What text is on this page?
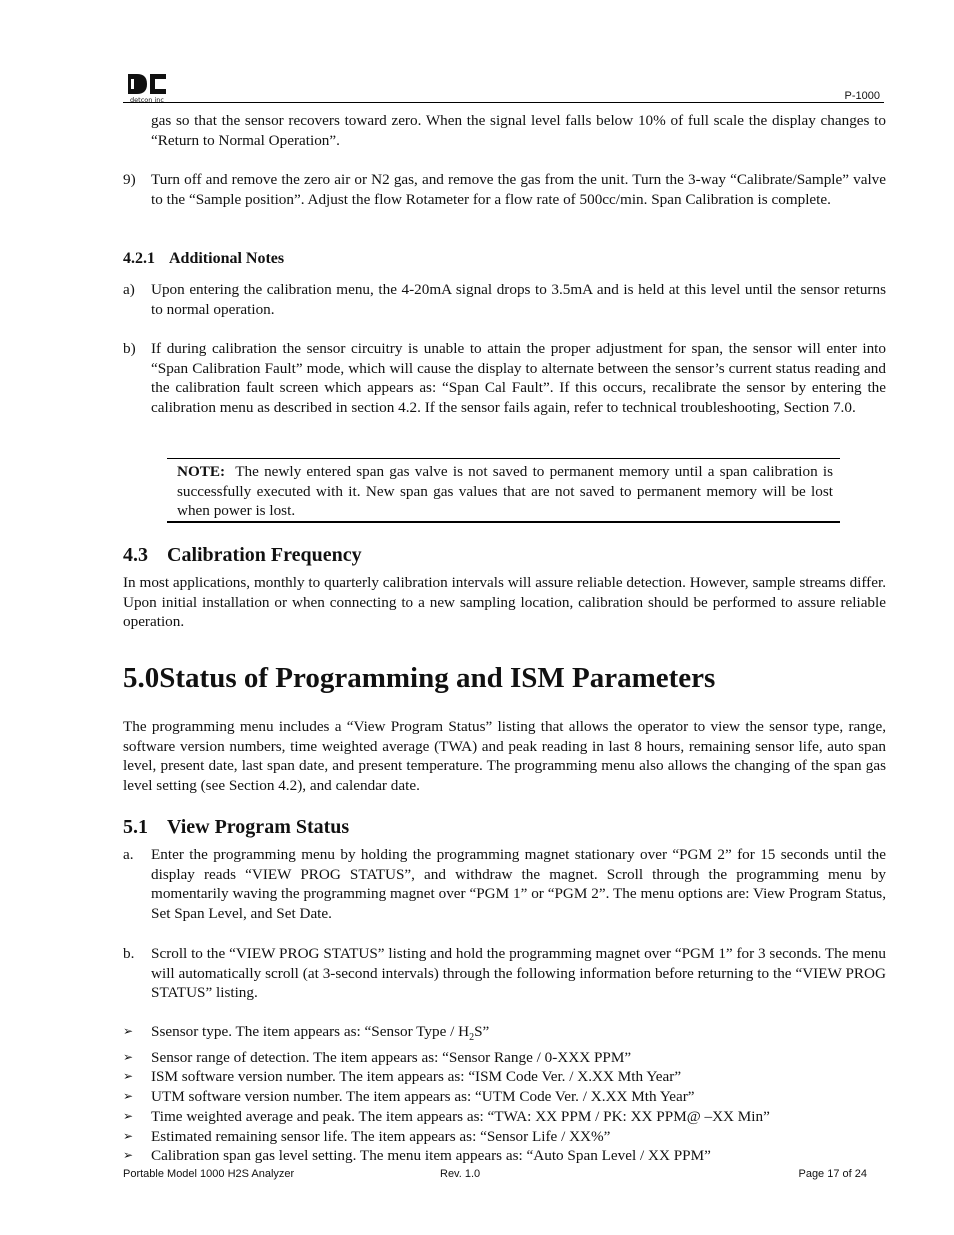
detcon inc	P-1000
gas so that the sensor recovers toward zero. When the signal level falls below 10% of full scale the display changes to “Return to Normal Operation”.
9) Turn off and remove the zero air or N2 gas, and remove the gas from the unit. Turn the 3-way “Calibrate/Sample” valve to the “Sample position”. Adjust the flow Rotameter for a flow rate of 500cc/min. Span Calibration is complete.
4.2.1 Additional Notes
a) Upon entering the calibration menu, the 4-20mA signal drops to 3.5mA and is held at this level until the sensor returns to normal operation.
b) If during calibration the sensor circuitry is unable to attain the proper adjustment for span, the sensor will enter into “Span Calibration Fault” mode, which will cause the display to alternate between the sensor’s current status reading and the calibration fault screen which appears as: “Span Cal Fault”. If this occurs, recalibrate the sensor by entering the calibration menu as described in section 4.2. If the sensor fails again, refer to technical troubleshooting, Section 7.0.
NOTE: The newly entered span gas valve is not saved to permanent memory until a span calibration is successfully executed with it. New span gas values that are not saved to permanent memory will be lost when power is lost.
4.3 Calibration Frequency
In most applications, monthly to quarterly calibration intervals will assure reliable detection. However, sample streams differ. Upon initial installation or when connecting to a new sampling location, calibration should be performed to assure reliable operation.
5.0Status of Programming and ISM Parameters
The programming menu includes a “View Program Status” listing that allows the operator to view the sensor type, range, software version numbers, time weighted average (TWA) and peak reading in last 8 hours, remaining sensor life, auto span level, present date, last span date, and present temperature. The programming menu also allows the changing of the span gas level setting (see Section 4.2), and calendar date.
5.1 View Program Status
a. Enter the programming menu by holding the programming magnet stationary over “PGM 2” for 15 seconds until the display reads “VIEW PROG STATUS”, and withdraw the magnet. Scroll through the programming menu by momentarily waving the programming magnet over “PGM 1” or “PGM 2”. The menu options are: View Program Status, Set Span Level, and Set Date.
b. Scroll to the “VIEW PROG STATUS” listing and hold the programming magnet over “PGM 1” for 3 seconds. The menu will automatically scroll (at 3-second intervals) through the following information before returning to the “VIEW PROG STATUS” listing.
➢	Ssensor type. The item appears as: “Sensor Type / $H_2S$”
➢	Sensor range of detection. The item appears as: “Sensor Range / 0-XXX PPM”
➢	ISM software version number. The item appears as: “ISM Code Ver. / X.XX Mth Year”
➢	UTM software version number. The item appears as: “UTM Code Ver. / X.XX Mth Year”
➢	Time weighted average and peak. The item appears as: “TWA: XX PPM / PK: XX PPM@ –XX Min”
➢	Estimated remaining sensor life. The item appears as: “Sensor Life / XX%”
➢	Calibration span gas level setting. The menu item appears as: “Auto Span Level / XX PPM”
Portable Model 1000 H2S Analyzer	Rev. 1.0	Page 17 of 24
